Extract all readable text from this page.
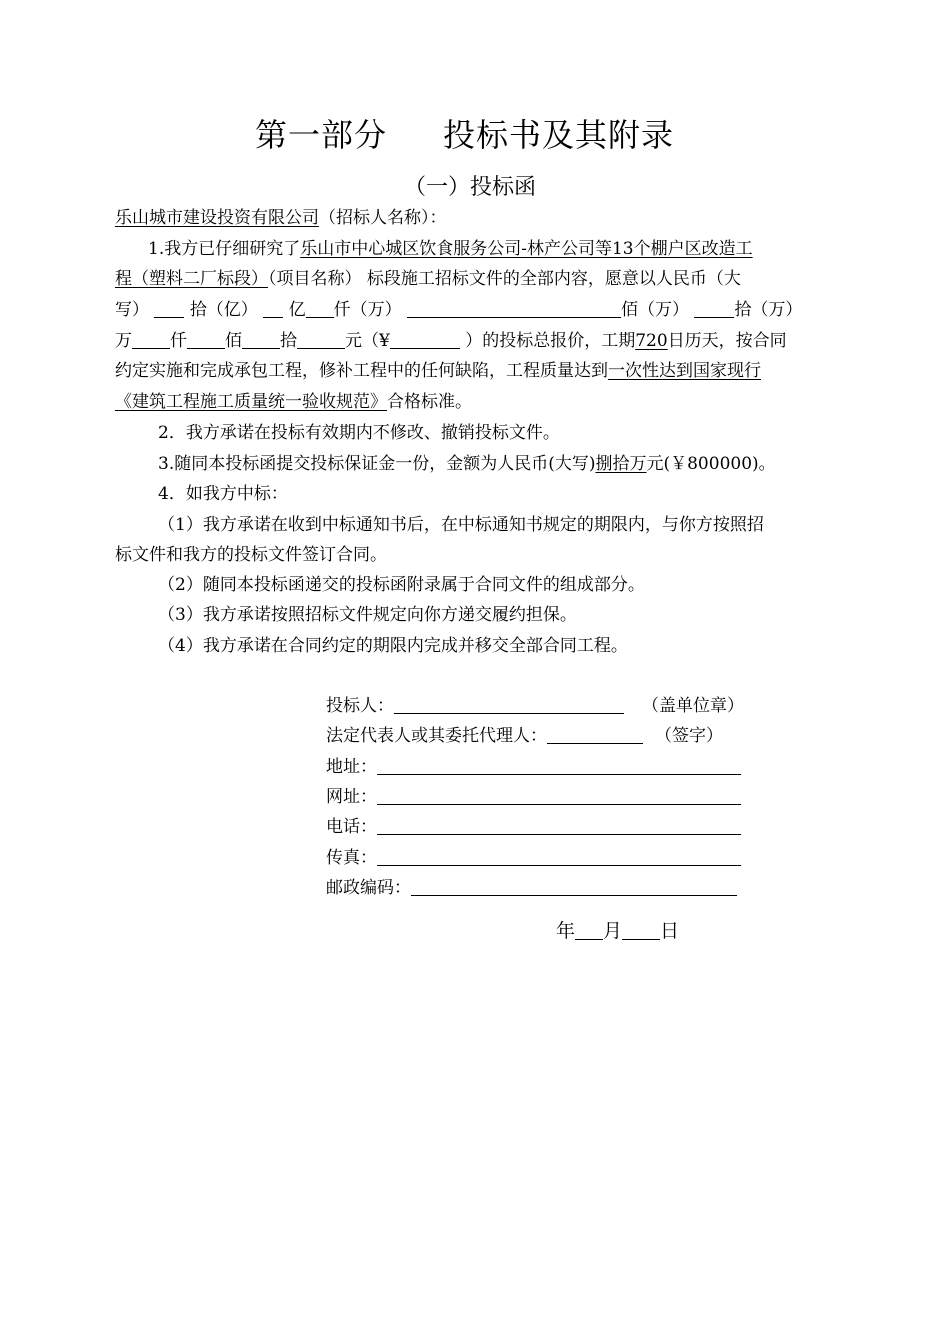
第一部分 投标书及其附录
（一）投标函
乐山城市建设投资有限公司（招标人名称）：
1.我方已仔细研究了乐山市中心城区饮食服务公司-林产公司等13个棚户区改造工
程（塑料二厂标段）（项目名称） 标段施工招标文件的全部内容，愿意以人民币（大
写） 拾（亿） 亿 仟（万）	佰（万）	拾（万）
万 仟 佰 拾	元（¥	）的投标总报价，工期720日历天，按合同
约定实施和完成承包工程，修补工程中的任何缺陷，工程质量达到一次性达到国家现行
《建筑工程施工质量统一验收规范》合格标准。
2．我方承诺在投标有效期内不修改、撤销投标文件。
3.随同本投标函提交投标保证金一份，金额为人民币(大写)捌拾万元(￥800000)。
4．如我方中标：
（1）我方承诺在收到中标通知书后，在中标通知书规定的期限内，与你方按照招
标文件和我方的投标文件签订合同。
（2）随同本投标函递交的投标函附录属于合同文件的组成部分。
（3）我方承诺按照招标文件规定向你方递交履约担保。
（4）我方承诺在合同约定的期限内完成并移交全部合同工程。
投标人：	（盖单位章）
法定代表人或其委托代理人：	（签字）
地址：
网址：
电话：
传真：
邮政编码：
年 月 日
